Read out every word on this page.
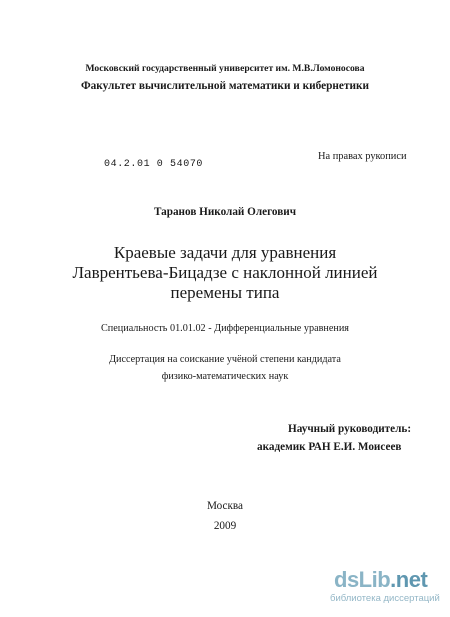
Московский государственный университет им. М.В.Ломоносова
Факультет вычислительной математики и кибернетики
04.2.01 0 54070
На правах рукописи
Таранов Николай Олегович
Краевые задачи для уравнения
Лаврентьева-Бицадзе с наклонной линией
перемены типа
Специальность 01.01.02 - Дифференциальные уравнения
Диссертация на соискание учёной степени кандидата
физико-математических наук
Научный руководитель:
академик РАН Е.И. Моисеев
Москва
2009
dsLib.net
библиотека диссертаций
